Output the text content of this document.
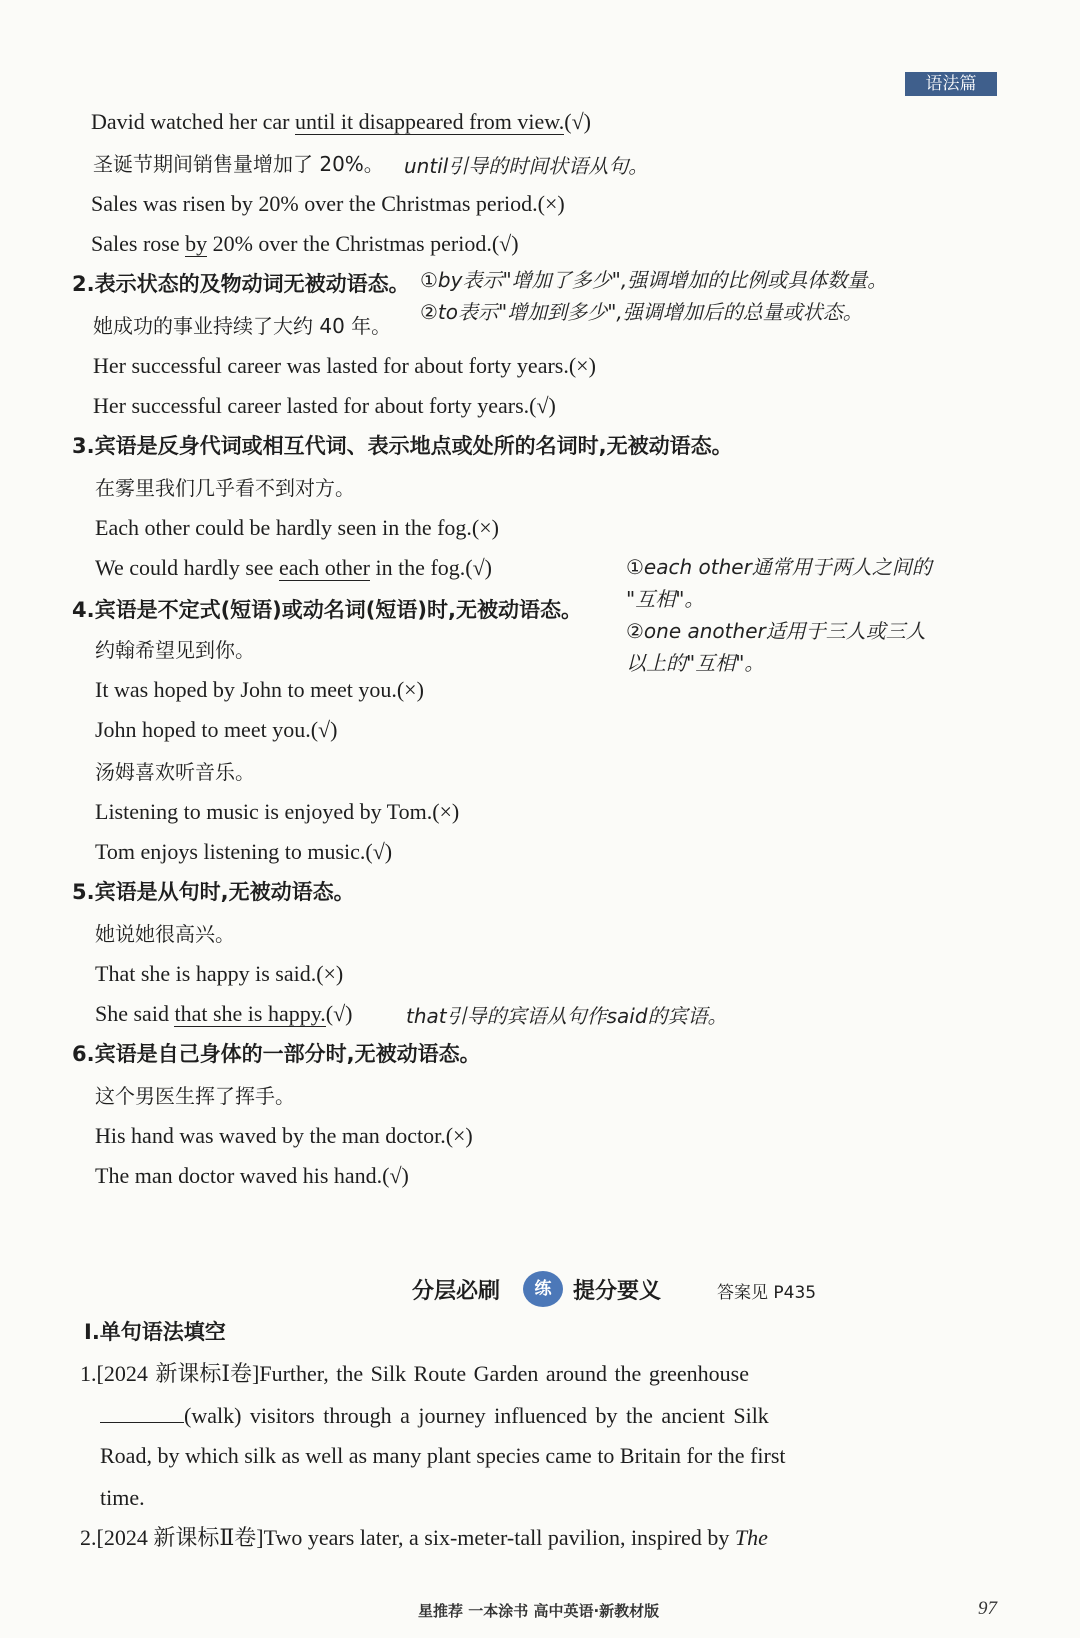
语法篇
David watched her car until it disappeared from view.(√)
圣诞节期间销售量增加了 20%。 until引导的时间状语从句。
Sales was risen by 20% over the Christmas period.(×)
Sales rose by 20% over the Christmas period.(√)
2.表示状态的及物动词无被动语态。 ①by表示"增加了多少",强调增加的比例或具体数量。
②to表示"增加到多少",强调增加后的总量或状态。
她成功的事业持续了大约 40 年。
Her successful career was lasted for about forty years.(×)
Her successful career lasted for about forty years.(√)
3.宾语是反身代词或相互代词、表示地点或处所的名词时,无被动语态。
在雾里我们几乎看不到对方。
Each other could be hardly seen in the fog.(×)
We could hardly see each other in the fog.(√)	①each other通常用于两人之间的
"互相"。
②one another适用于三人或三人
以上的"互相"。
4.宾语是不定式(短语)或动名词(短语)时,无被动语态。
约翰希望见到你。
It was hoped by John to meet you.(×)
John hoped to meet you.(√)
汤姆喜欢听音乐。
Listening to music is enjoyed by Tom.(×)
Tom enjoys listening to music.(√)
5.宾语是从句时,无被动语态。
她说她很高兴。
That she is happy is said.(×)
She said that she is happy.(√)	that引导的宾语从句作said的宾语。
6.宾语是自己身体的一部分时,无被动语态。
这个男医生挥了挥手。
His hand was waved by the man doctor.(×)
The man doctor waved his hand.(√)
分层必刷	练 提分要义	答案见 P435
Ⅰ.单句语法填空
1.[2024 新课标Ⅰ卷]Further, the Silk Route Garden around the greenhouse
(walk) visitors through a journey influenced by the ancient Silk
Road, by which silk as well as many plant species came to Britain for the first
time.
2.[2024 新课标Ⅱ卷]Two years later, a six-meter-tall pavilion, inspired by The
星推荐 一本涂书 高中英语·新教材版	97
